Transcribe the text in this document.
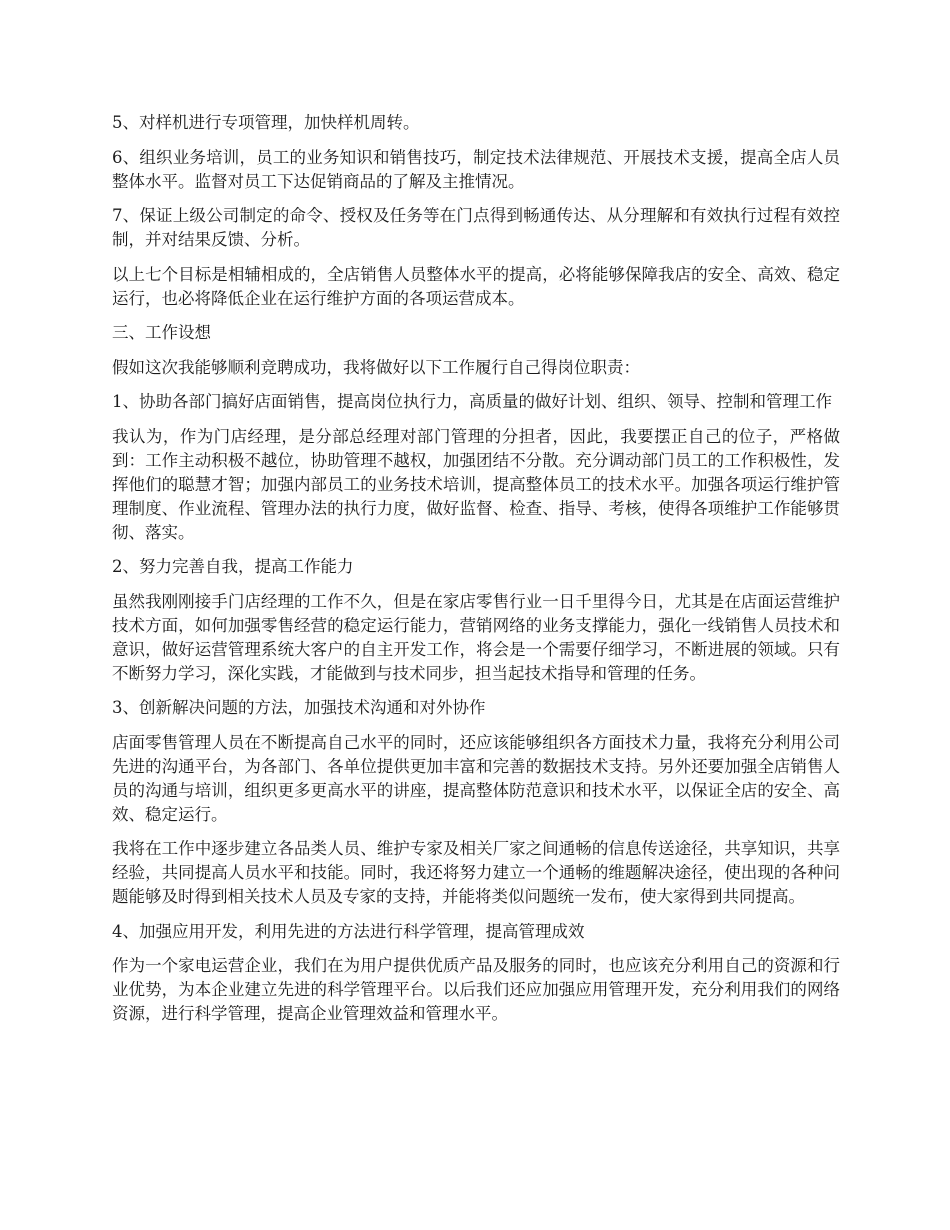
5、对样机进行专项管理，加快样机周转。

6、组织业务培训，员工的业务知识和销售技巧，制定技术法律规范、开展技术支援，提高全店人员整体水平。监督对员工下达促销商品的了解及主推情况。

7、保证上级公司制定的命令、授权及任务等在门点得到畅通传达、从分理解和有效执行过程有效控制，并对结果反馈、分析。

以上七个目标是相辅相成的，全店销售人员整体水平的提高，必将能够保障我店的安全、高效、稳定运行，也必将降低企业在运行维护方面的各项运营成本。

三、工作设想

假如这次我能够顺利竞聘成功，我将做好以下工作履行自己得岗位职责：

1、协助各部门搞好店面销售，提高岗位执行力，高质量的做好计划、组织、领导、控制和管理工作

我认为，作为门店经理，是分部总经理对部门管理的分担者，因此，我要摆正自己的位子，严格做到：工作主动积极不越位，协助管理不越权，加强团结不分散。充分调动部门员工的工作积极性，发挥他们的聪慧才智；加强内部员工的业务技术培训，提高整体员工的技术水平。加强各项运行维护管理制度、作业流程、管理办法的执行力度，做好监督、检查、指导、考核，使得各项维护工作能够贯彻、落实。

2、努力完善自我，提高工作能力

虽然我刚刚接手门店经理的工作不久，但是在家店零售行业一日千里得今日，尤其是在店面运营维护技术方面，如何加强零售经营的稳定运行能力，营销网络的业务支撑能力，强化一线销售人员技术和意识，做好运营管理系统大客户的自主开发工作，将会是一个需要仔细学习，不断进展的领域。只有不断努力学习，深化实践，才能做到与技术同步，担当起技术指导和管理的任务。

3、创新解决问题的方法，加强技术沟通和对外协作

店面零售管理人员在不断提高自己水平的同时，还应该能够组织各方面技术力量，我将充分利用公司先进的沟通平台，为各部门、各单位提供更加丰富和完善的数据技术支持。另外还要加强全店销售人员的沟通与培训，组织更多更高水平的讲座，提高整体防范意识和技术水平，以保证全店的安全、高效、稳定运行。

我将在工作中逐步建立各品类人员、维护专家及相关厂家之间通畅的信息传送途径，共享知识，共享经验，共同提高人员水平和技能。同时，我还将努力建立一个通畅的维题解决途径，使出现的各种问题能够及时得到相关技术人员及专家的支持，并能将类似问题统一发布，使大家得到共同提高。

4、加强应用开发，利用先进的方法进行科学管理，提高管理成效

作为一个家电运营企业，我们在为用户提供优质产品及服务的同时，也应该充分利用自己的资源和行业优势，为本企业建立先进的科学管理平台。以后我们还应加强应用管理开发，充分利用我们的网络资源，进行科学管理，提高企业管理效益和管理水平。
